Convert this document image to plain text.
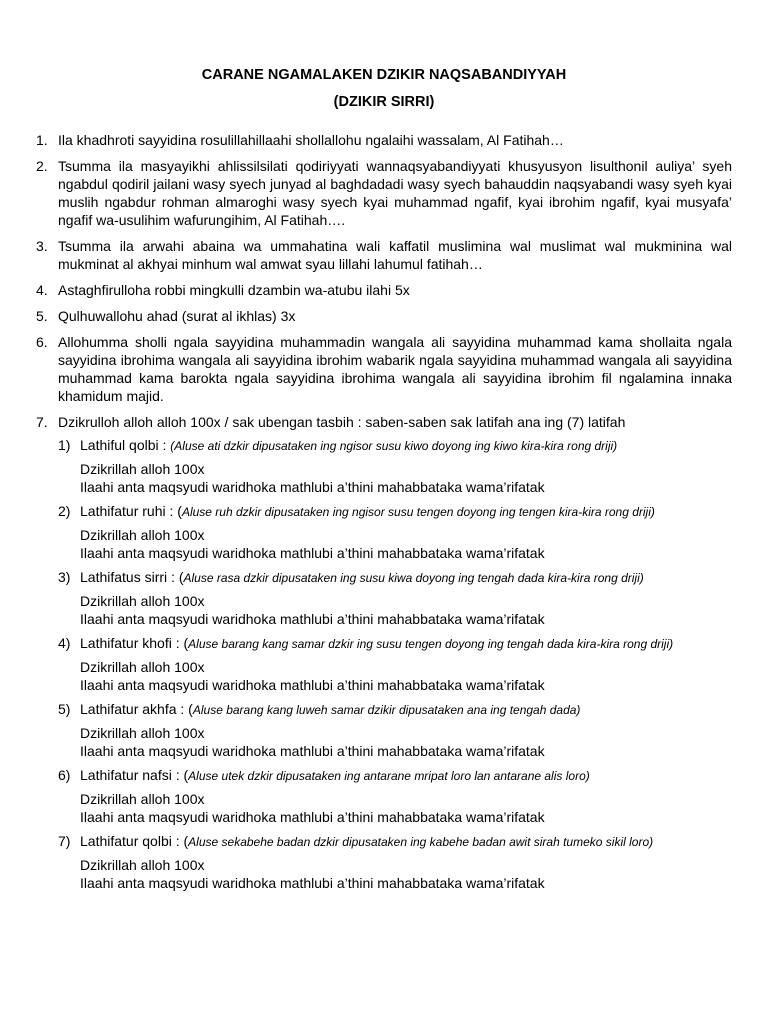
CARANE NGAMALAKEN DZIKIR NAQSABANDIYYAH
(DZIKIR SIRRI)
1. Ila khadhroti sayyidina rosulillahillaahi shollallohu ngalaihi wassalam, Al Fatihah…
2. Tsumma ila masyayikhi ahlissilsilati qodiriyyati wannaqsyabandiyyati khusyusyon lisulthonil auliya’ syeh ngabdul qodiril jailani wasy syech junyad al baghdadadi wasy syech bahauddin naqsyabandi wasy syeh kyai muslih ngabdur rohman almaroghi wasy syech kyai muhammad ngafif, kyai ibrohim ngafif, kyai musyafa’ ngafif wa-usulihim wafurungihim, Al Fatihah….
3. Tsumma ila arwahi abaina wa ummahatina wali kaffatil muslimina wal muslimat wal mukminina wal mukminat al akhyai minhum wal amwat syau lillahi lahumul fatihah…
4. Astaghfirulloha robbi mingkulli dzambin wa-atubu ilahi 5x
5. Qulhuwallohu ahad (surat al ikhlas) 3x
6. Allohumma sholli ngala sayyidina muhammadin wangala ali sayyidina muhammad kama shollaita ngala sayyidina ibrohima wangala ali sayyidina ibrohim wabarik ngala sayyidina muhammad wangala ali sayyidina muhammad kama barokta ngala sayyidina ibrohima wangala ali sayyidina ibrohim fil ngalamina innaka khamidum majid.
7. Dzikrulloh alloh alloh 100x / sak ubengan tasbih : saben-saben sak latifah ana ing (7) latifah
1) Lathiful qolbi : (Aluse ati dzkir dipusataken ing ngisor susu kiwo doyong ing kiwo kira-kira rong driji)
Dzikrillah alloh 100x
Ilaahi anta maqsyudi waridhoka mathlubi a’thini mahabbataka wama’rifatak
2) Lathifatur ruhi : (Aluse ruh dzkir dipusataken ing ngisor susu tengen doyong ing tengen kira-kira rong driji)
Dzikrillah alloh 100x
Ilaahi anta maqsyudi waridhoka mathlubi a’thini mahabbataka wama’rifatak
3) Lathifatus sirri : (Aluse rasa dzkir dipusataken ing susu kiwa doyong ing tengah dada kira-kira rong driji)
Dzikrillah alloh 100x
Ilaahi anta maqsyudi waridhoka mathlubi a’thini mahabbataka wama’rifatak
4) Lathifatur khofi : (Aluse barang kang samar dzkir ing susu tengen doyong ing tengah dada kira-kira rong driji)
Dzikrillah alloh 100x
Ilaahi anta maqsyudi waridhoka mathlubi a’thini mahabbataka wama’rifatak
5) Lathifatur akhfa : (Aluse barang kang luweh samar dzikir dipusataken ana ing tengah dada)
Dzikrillah alloh 100x
Ilaahi anta maqsyudi waridhoka mathlubi a’thini mahabbataka wama’rifatak
6) Lathifatur nafsi : (Aluse utek dzkir dipusataken ing antarane mripat loro lan antarane alis loro)
Dzikrillah alloh 100x
Ilaahi anta maqsyudi waridhoka mathlubi a’thini mahabbataka wama’rifatak
7) Lathifatur qolbi : (Aluse sekabehe badan dzkir dipusataken ing kabehe badan awit sirah tumeko sikil loro)
Dzikrillah alloh 100x
Ilaahi anta maqsyudi waridhoka mathlubi a’thini mahabbataka wama’rifatak
